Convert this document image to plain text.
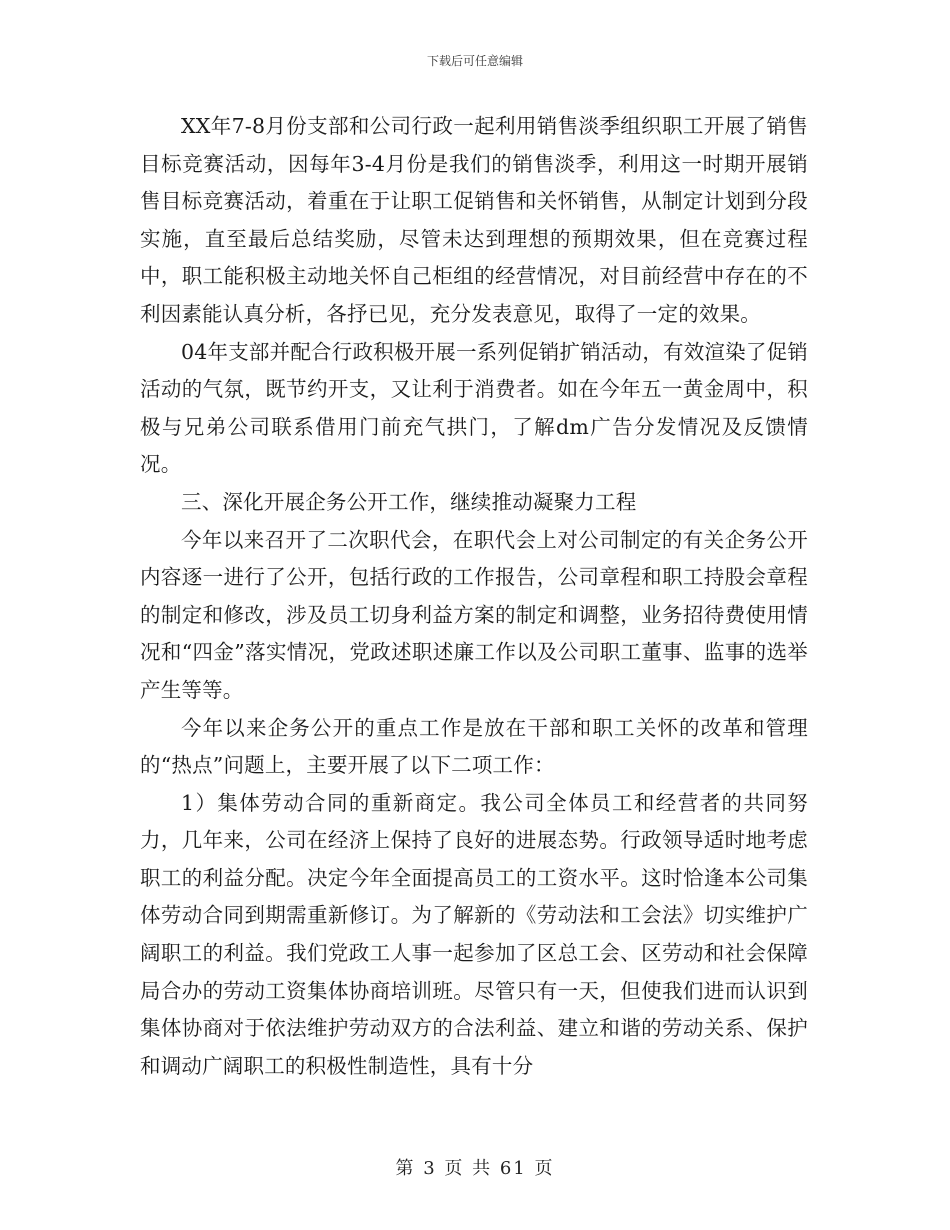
下载后可任意编辑

XX年7-8月份支部和公司行政一起利用销售淡季组织职工开展了销售目标竞赛活动，因每年3-4月份是我们的销售淡季，利用这一时期开展销售目标竞赛活动，着重在于让职工促销售和关怀销售，从制定计划到分段实施，直至最后总结奖励，尽管未达到理想的预期效果，但在竞赛过程中，职工能积极主动地关怀自己柜组的经营情况，对目前经营中存在的不利因素能认真分析，各抒已见，充分发表意见，取得了一定的效果。

04年支部并配合行政积极开展一系列促销扩销活动，有效渲染了促销活动的气氛，既节约开支，又让利于消费者。如在今年五一黄金周中，积极与兄弟公司联系借用门前充气拱门，了解dm广告分发情况及反馈情况。

三、深化开展企务公开工作，继续推动凝聚力工程

今年以来召开了二次职代会，在职代会上对公司制定的有关企务公开内容逐一进行了公开，包括行政的工作报告，公司章程和职工持股会章程的制定和修改，涉及员工切身利益方案的制定和调整，业务招待费使用情况和“四金”落实情况，党政述职述廉工作以及公司职工董事、监事的选举产生等等。

今年以来企务公开的重点工作是放在干部和职工关怀的改革和管理的“热点”问题上，主要开展了以下二项工作：

1）集体劳动合同的重新商定。我公司全体员工和经营者的共同努力，几年来，公司在经济上保持了良好的进展态势。行政领导适时地考虑职工的利益分配。决定今年全面提高员工的工资水平。这时恰逢本公司集体劳动合同到期需重新修订。为了解新的《劳动法和工会法》切实维护广阔职工的利益。我们党政工人事一起参加了区总工会、区劳动和社会保障局合办的劳动工资集体协商培训班。尽管只有一天，但使我们进而认识到集体协商对于依法维护劳动双方的合法利益、建立和谐的劳动关系、保护和调动广阔职工的积极性制造性，具有十分

第 3 页 共 61 页
